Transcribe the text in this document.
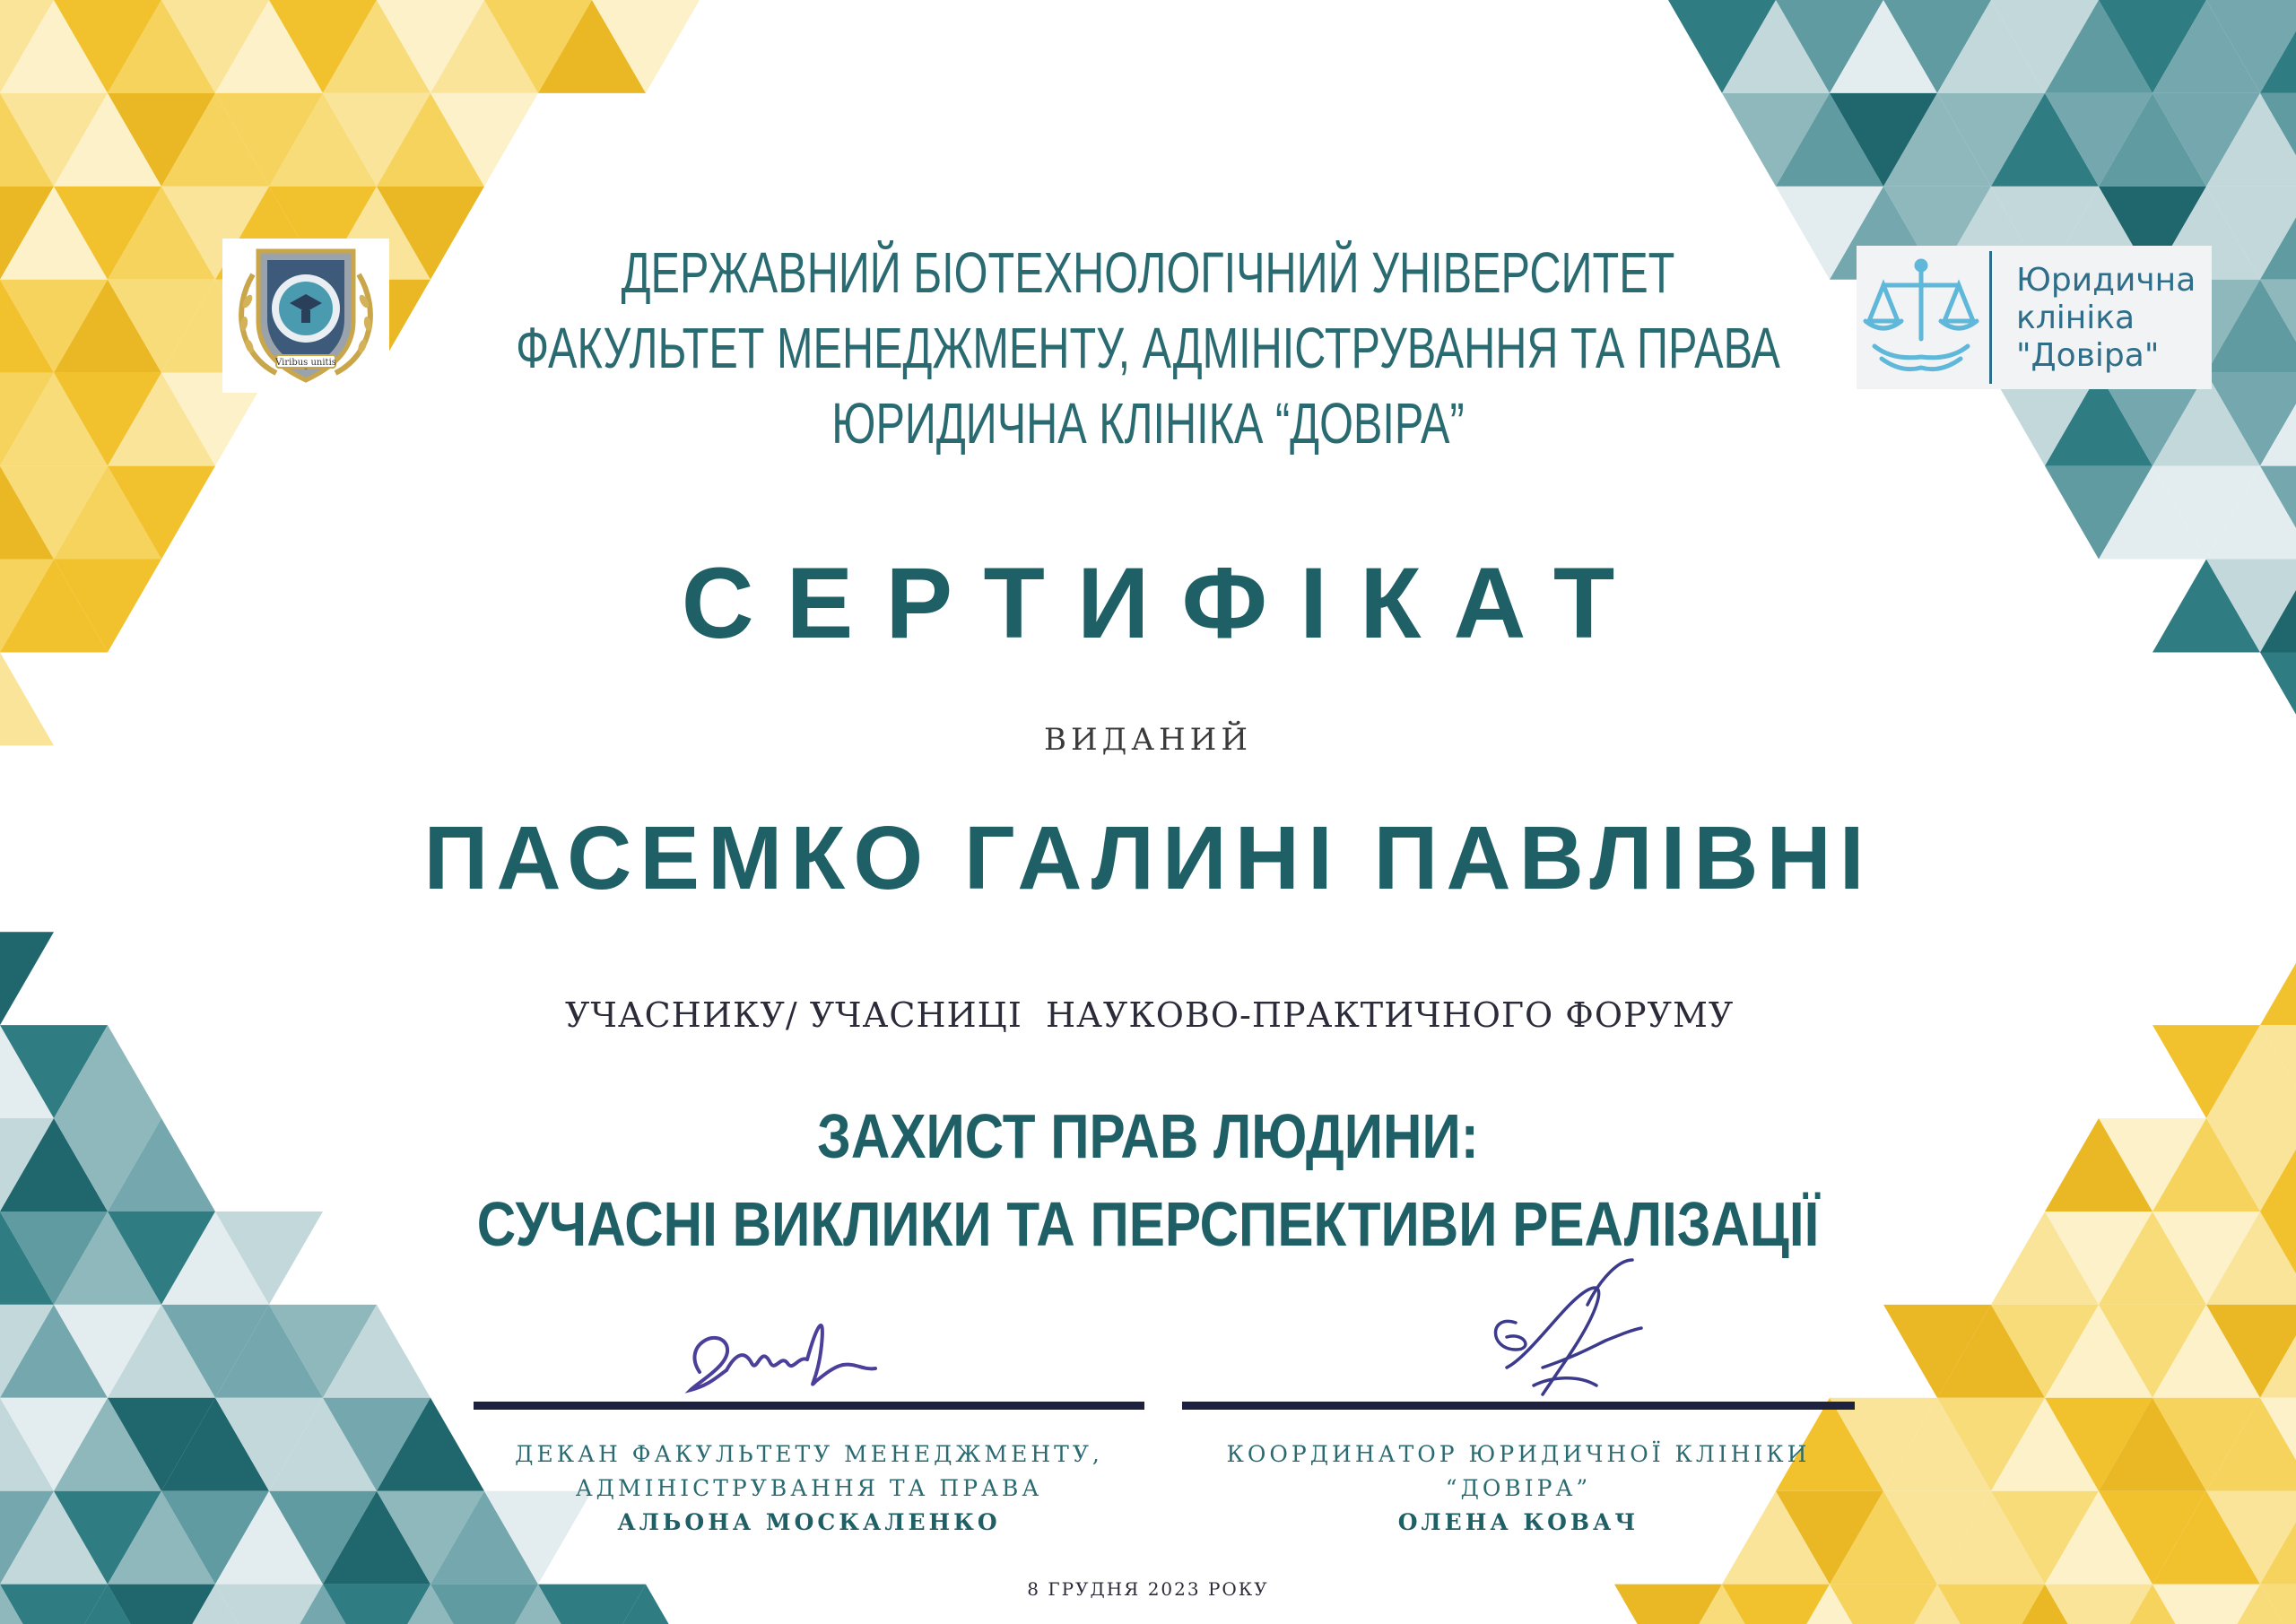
Viribus unitis
Юридична
клініка
"Довіра"
ДЕРЖАВНИЙ БІОТЕХНОЛОГІЧНИЙ УНІВЕРСИТЕТ
ФАКУЛЬТЕТ МЕНЕДЖМЕНТУ, АДМІНІСТРУВАННЯ ТА ПРАВА
ЮРИДИЧНА КЛІНІКА “ДОВІРА”
СЕРТИФІКАТ
ВИДАНИЙ
ПАСЕМКО ГАЛИНІ ПАВЛІВНІ
УЧАСНИКУ/ УЧАСНИЦІ  НАУКОВО-ПРАКТИЧНОГО ФОРУМУ
ЗАХИСТ ПРАВ ЛЮДИНИ:
СУЧАСНІ ВИКЛИКИ ТА ПЕРСПЕКТИВИ РЕАЛІЗАЦІЇ
ДЕКАН ФАКУЛЬТЕТУ МЕНЕДЖМЕНТУ,
АДМІНІСТРУВАННЯ ТА ПРАВА
АЛЬОНА МОСКАЛЕНКО
КООРДИНАТОР ЮРИДИЧНОЇ КЛІНІКИ
“ДОВІРА”
ОЛЕНА КОВАЧ
8 ГРУДНЯ 2023 РОКУ
